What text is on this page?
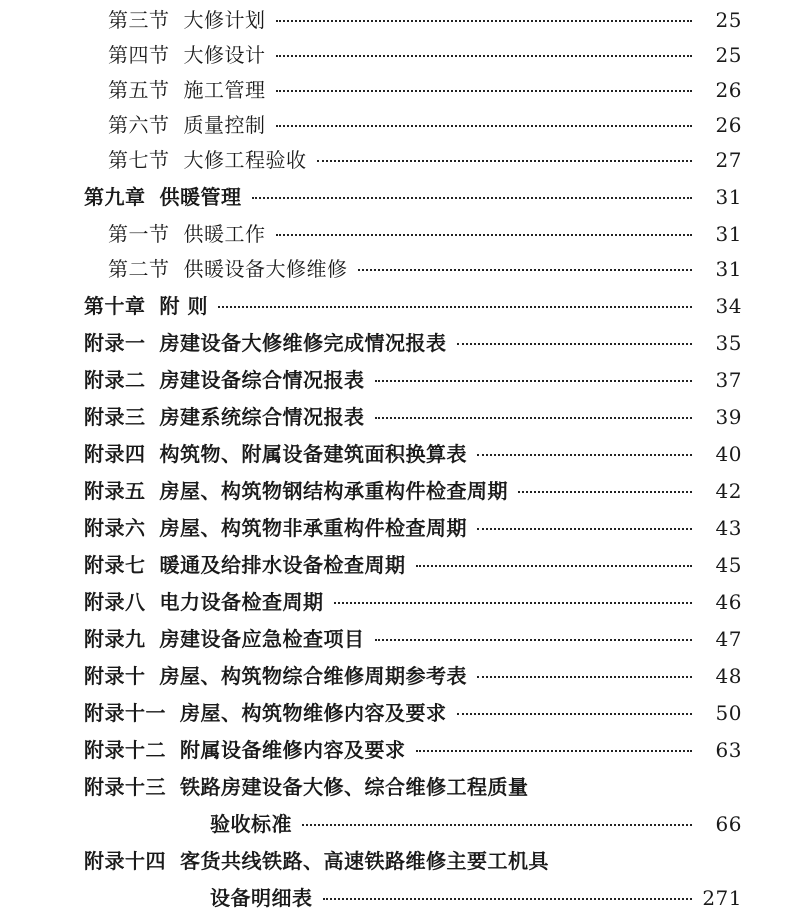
第三节 大修计划	25
第四节 大修设计	25
第五节 施工管理	26
第六节 质量控制	26
第七节 大修工程验收	27
第九章 供暖管理	31
第一节 供暖工作	31
第二节 供暖设备大修维修	31
第十章 附 则	34
附录一 房建设备大修维修完成情况报表	35
附录二 房建设备综合情况报表	37
附录三 房建系统综合情况报表	39
附录四 构筑物、附属设备建筑面积换算表	40
附录五 房屋、构筑物钢结构承重构件检查周期	42
附录六 房屋、构筑物非承重构件检查周期	43
附录七 暖通及给排水设备检查周期	45
附录八 电力设备检查周期	46
附录九 房建设备应急检查项目	47
附录十 房屋、构筑物综合维修周期参考表	48
附录十一 房屋、构筑物维修内容及要求	50
附录十二 附属设备维修内容及要求	63
附录十三 铁路房建设备大修、综合维修工程质量
验收标准	66
附录十四 客货共线铁路、高速铁路维修主要工机具
设备明细表	271
